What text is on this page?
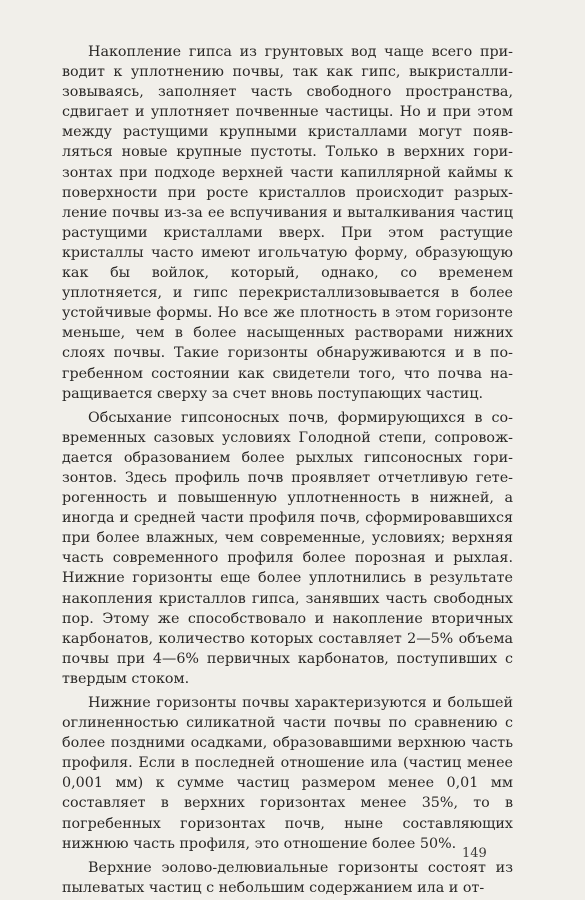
Накопление гипса из грунтовых вод чаще всего приводит к уплотнению почвы, так как гипс, выкристаллизовываясь, заполняет часть свободного пространства, сдвигает и уплотняет почвенные частицы. Но и при этом между растущими крупными кристаллами могут появляться новые крупные пустоты. Только в верхних горизонтах при подходе верхней части капиллярной каймы к поверхности при росте кристаллов происходит разрыхление почвы из-за ее вспучивания и выталкивания частиц растущими кристаллами вверх. При этом растущие кристаллы часто имеют игольчатую форму, образующую как бы войлок, который, однако, со временем уплотняется, и гипс перекристаллизовывается в более устойчивые формы. Но все же плотность в этом горизонте меньше, чем в более насыщенных растворами нижних слоях почвы. Такие горизонты обнаруживаются и в погребенном состоянии как свидетели того, что почва наращивается сверху за счет вновь поступающих частиц.

Обсыхание гипсоносных почв, формирующихся в современных сазовых условиях Голодной степи, сопровождается образованием более рыхлых гипсоносных горизонтов. Здесь профиль почв проявляет отчетливую гетерогенность и повышенную уплотненность в нижней, а иногда и средней части профиля почв, сформировавшихся при более влажных, чем современные, условиях; верхняя часть современного профиля более порозная и рыхлая. Нижние горизонты еще более уплотнились в результате накопления кристаллов гипса, занявших часть свободных пор. Этому же способствовало и накопление вторичных карбонатов, количество которых составляет 2—5% объема почвы при 4—6% первичных карбонатов, поступивших с твердым стоком.

Нижние горизонты почвы характеризуются и большей оглиненностью силикатной части почвы по сравнению с более поздними осадками, образовавшими верхнюю часть профиля. Если в последней отношение ила (частиц менее 0,001 мм) к сумме частиц размером менее 0,01 мм составляет в верхних горизонтах менее 35%, то в погребенных горизонтах почв, ныне составляющих нижнюю часть профиля, это отношение более 50%.

Верхние эолово-делювиальные горизонты состоят из пылеватых частиц с небольшим содержанием ила и от-

149
